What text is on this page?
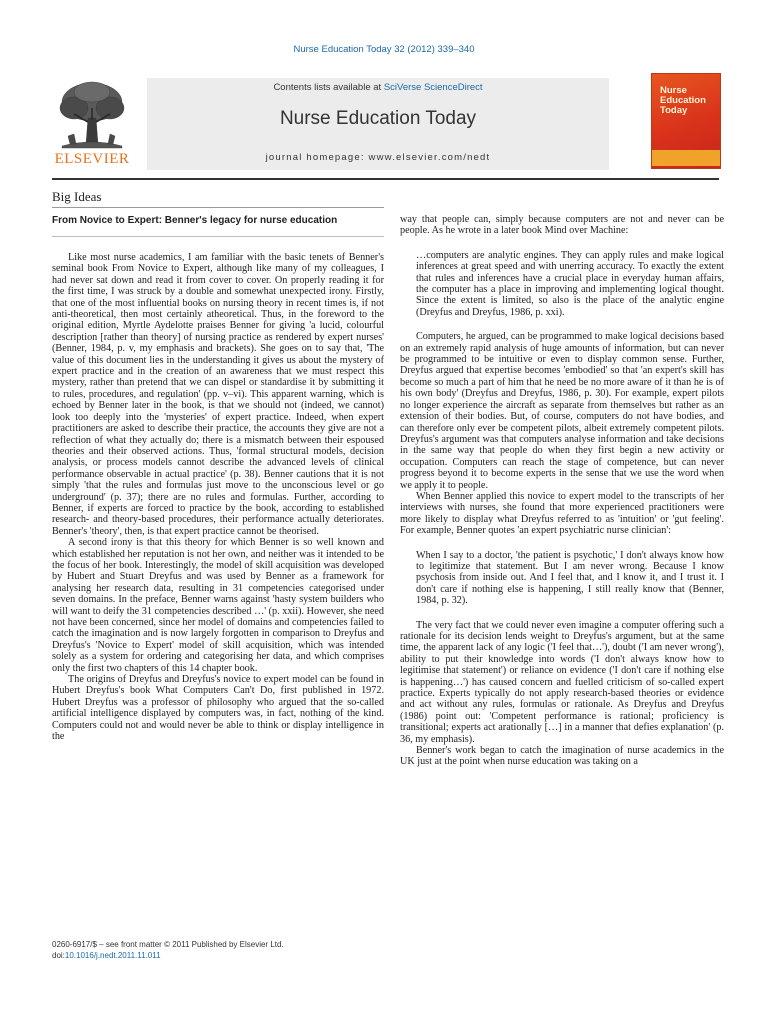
Nurse Education Today 32 (2012) 339–340
ELSEVIER
Contents lists available at SciVerse ScienceDirect
Nurse Education Today
journal homepage: www.elsevier.com/nedt
Nurse
Education
Today
Big Ideas
From Novice to Expert: Benner's legacy for nurse education

Like most nurse academics, I am familiar with the basic tenets of Benner's seminal book From Novice to Expert, although like many of my colleagues, I had never sat down and read it from cover to cover. On properly reading it for the first time, I was struck by a double and somewhat unexpected irony. Firstly, that one of the most influential books on nursing theory in recent times is, if not anti-theoretical, then most certainly atheoretical. Thus, in the foreword to the original edition, Myrtle Aydelotte praises Benner for giving 'a lucid, colourful description [rather than theory] of nursing practice as rendered by expert nurses' (Benner, 1984, p. v, my emphasis and brackets). She goes on to say that, 'The value of this document lies in the understanding it gives us about the mystery of expert practice and in the creation of an awareness that we must respect this mystery, rather than pretend that we can dispel or standardise it by submitting it to rules, procedures, and regulation' (pp. v–vi). This apparent warning, which is echoed by Benner later in the book, is that we should not (indeed, we cannot) look too deeply into the 'mysteries' of expert practice. Indeed, when expert practitioners are asked to describe their practice, the accounts they give are not a reflection of what they actually do; there is a mismatch between their espoused theories and their observed actions. Thus, 'formal structural models, decision analysis, or process models cannot describe the advanced levels of clinical performance observable in actual practice' (p. 38). Benner cautions that it is not simply 'that the rules and formulas just move to the unconscious level or go underground' (p. 37); there are no rules and formulas. Further, according to Benner, if experts are forced to practice by the book, according to established research- and theory-based procedures, their performance actually deteriorates. Benner's 'theory', then, is that expert practice cannot be theorised.

A second irony is that this theory for which Benner is so well known and which established her reputation is not her own, and neither was it intended to be the focus of her book. Interestingly, the model of skill acquisition was developed by Hubert and Stuart Dreyfus and was used by Benner as a framework for analysing her research data, resulting in 31 competencies categorised under seven domains. In the preface, Benner warns against 'hasty system builders who will want to deify the 31 competencies described …' (p. xxii). However, she need not have been concerned, since her model of domains and competencies failed to catch the imagination and is now largely forgotten in comparison to Dreyfus and Dreyfus's 'Novice to Expert' model of skill acquisition, which was intended solely as a system for ordering and categorising her data, and which comprises only the first two chapters of this 14 chapter book.

The origins of Dreyfus and Dreyfus's novice to expert model can be found in Hubert Dreyfus's book What Computers Can't Do, first published in 1972. Hubert Dreyfus was a professor of philosophy who argued that the so-called artificial intelligence displayed by computers was, in fact, nothing of the kind. Computers could not and would never be able to think or display intelligence in the

way that people can, simply because computers are not and never can be people. As he wrote in a later book Mind over Machine:

…computers are analytic engines. They can apply rules and make logical inferences at great speed and with unerring accuracy. To exactly the extent that rules and inferences have a crucial place in everyday human affairs, the computer has a place in improving and implementing logical thought. Since the extent is limited, so also is the place of the analytic engine (Dreyfus and Dreyfus, 1986, p. xxi).

Computers, he argued, can be programmed to make logical decisions based on an extremely rapid analysis of huge amounts of information, but can never be programmed to be intuitive or even to display common sense. Further, Dreyfus argued that expertise becomes 'embodied' so that 'an expert's skill has become so much a part of him that he need be no more aware of it than he is of his own body' (Dreyfus and Dreyfus, 1986, p. 30). For example, expert pilots no longer experience the aircraft as separate from themselves but rather as an extension of their bodies. But, of course, computers do not have bodies, and can therefore only ever be competent pilots, albeit extremely competent pilots. Dreyfus's argument was that computers analyse information and take decisions in the same way that people do when they first begin a new activity or occupation. Computers can reach the stage of competence, but can never progress beyond it to become experts in the sense that we use the word when we apply it to people.

When Benner applied this novice to expert model to the transcripts of her interviews with nurses, she found that more experienced practitioners were more likely to display what Dreyfus referred to as 'intuition' or 'gut feeling'. For example, Benner quotes 'an expert psychiatric nurse clinician':

When I say to a doctor, 'the patient is psychotic,' I don't always know how to legitimize that statement. But I am never wrong. Because I know psychosis from inside out. And I feel that, and I know it, and I trust it. I don't care if nothing else is happening, I still really know that (Benner, 1984, p. 32).

The very fact that we could never even imagine a computer offering such a rationale for its decision lends weight to Dreyfus's argument, but at the same time, the apparent lack of any logic ('I feel that…'), doubt ('I am never wrong'), ability to put their knowledge into words ('I don't always know how to legitimise that statement') or reliance on evidence ('I don't care if nothing else is happening…') has caused concern and fuelled criticism of so-called expert practice. Experts typically do not apply research-based theories or evidence and act without any rules, formulas or rationale. As Dreyfus and Dreyfus (1986) point out: 'Competent performance is rational; proficiency is transitional; experts act arationally […] in a manner that defies explanation' (p. 36, my emphasis).

Benner's work began to catch the imagination of nurse academics in the UK just at the point when nurse education was taking on a

0260-6917/$ – see front matter © 2011 Published by Elsevier Ltd.
doi:10.1016/j.nedt.2011.11.011
